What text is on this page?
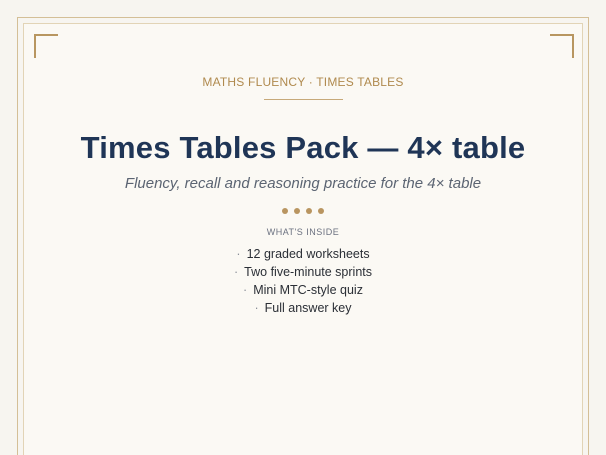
MATHS FLUENCY · TIMES TABLES
Times Tables Pack — 4× table
Fluency, recall and reasoning practice for the 4× table
WHAT'S INSIDE
· 12 graded worksheets
· Two five-minute sprints
· Mini MTC-style quiz
· Full answer key
